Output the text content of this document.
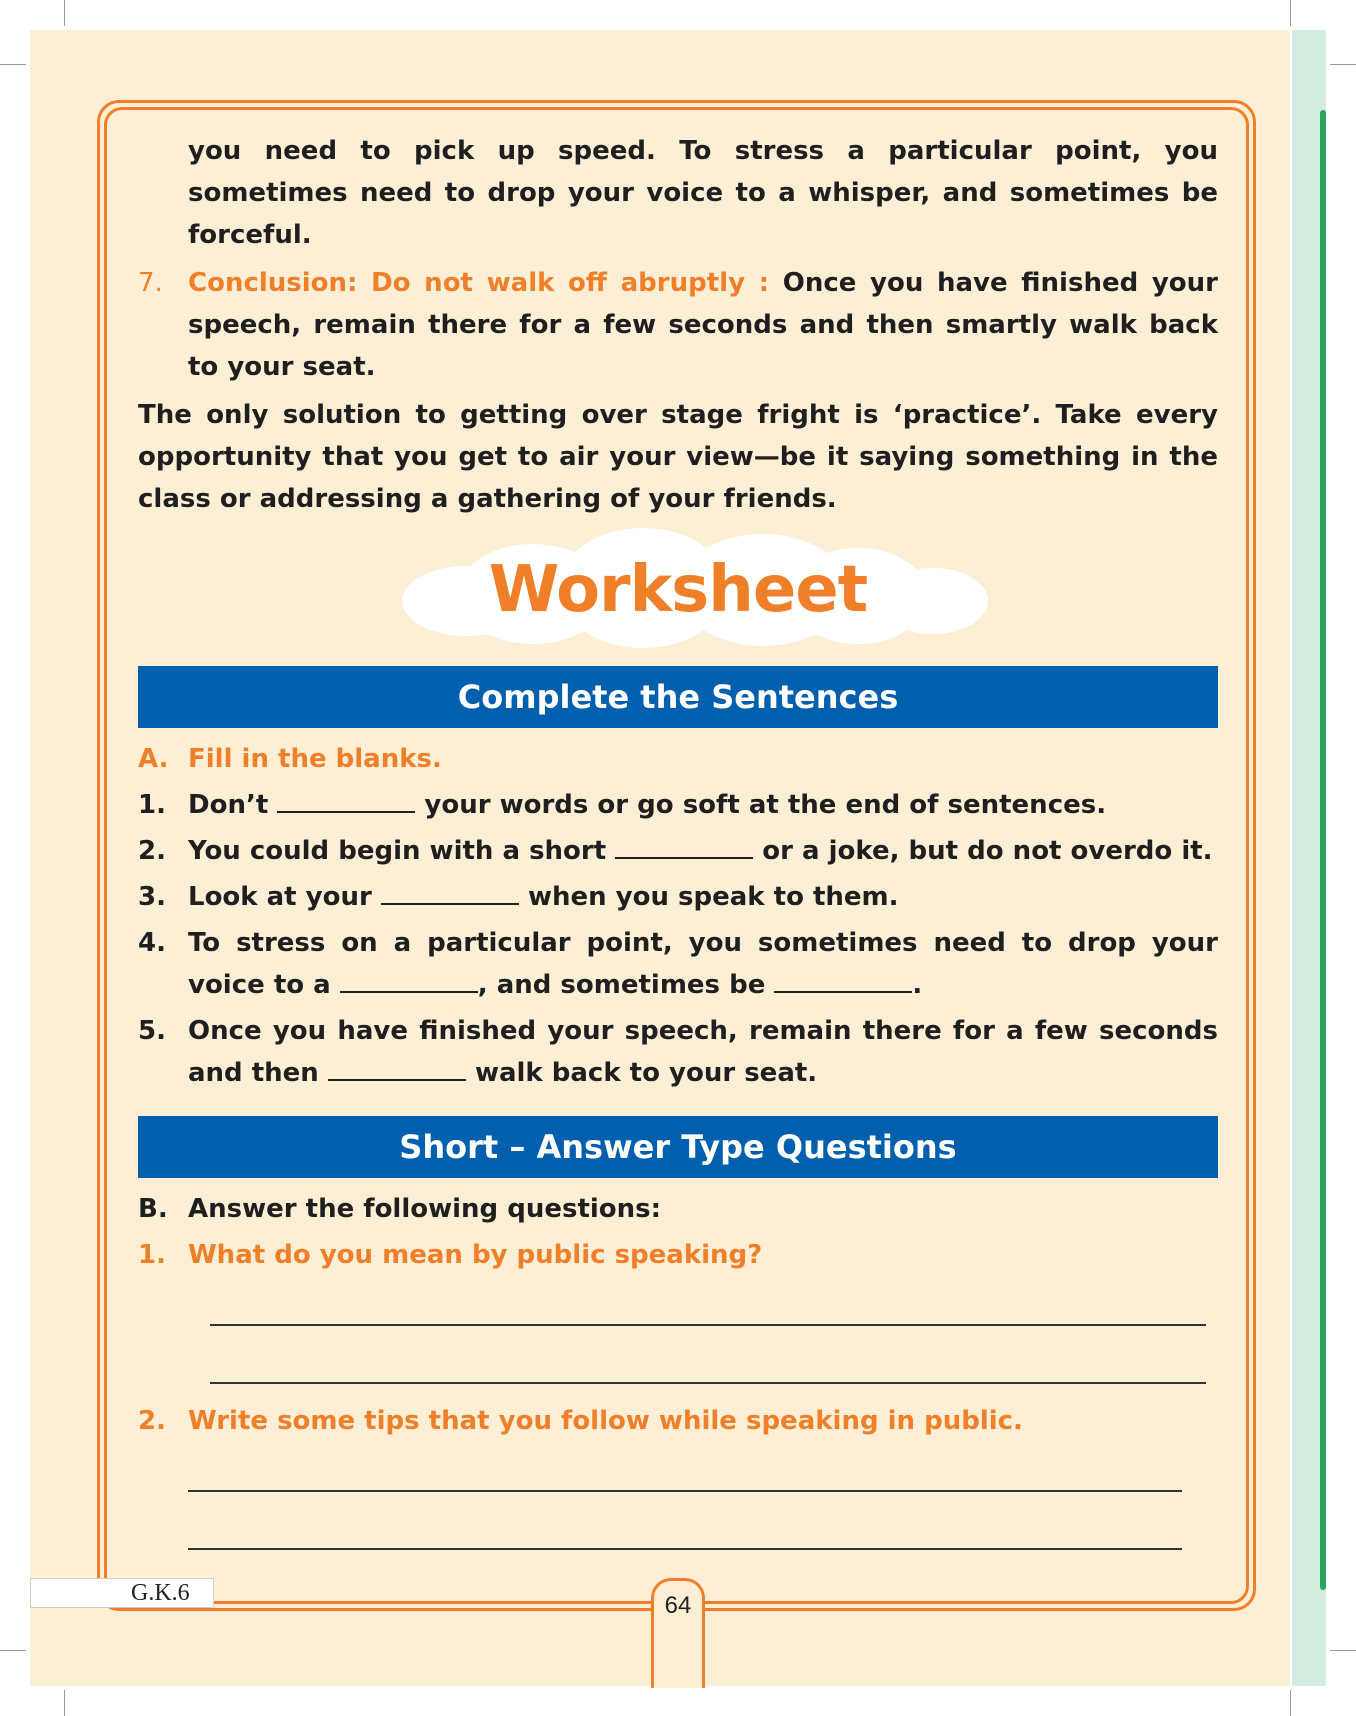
you need to pick up speed. To stress a particular point, you sometimes need to drop your voice to a whisper, and sometimes be forceful.

7. Conclusion: Do not walk off abruptly : Once you have finished your speech, remain there for a few seconds and then smartly walk back to your seat.

The only solution to getting over stage fright is ‘practice’. Take every opportunity that you get to air your view—be it saying something in the class or addressing a gathering of your friends.

Worksheet
Complete the Sentences
A. Fill in the blanks.
1. Don’t	your words or go soft at the end of sentences.
2. You could begin with a short	or a joke, but do not overdo it.
3. Look at your	when you speak to them.
4. To stress on a particular point, you sometimes need to drop your voice to a	, and sometimes be	.

5. Once you have finished your speech, remain there for a few seconds and then	walk back to your seat.

Short – Answer Type Questions
B. Answer the following questions:
1. What do you mean by public speaking?
2. Write some tips that you follow while speaking in public.
G.K.6	64
